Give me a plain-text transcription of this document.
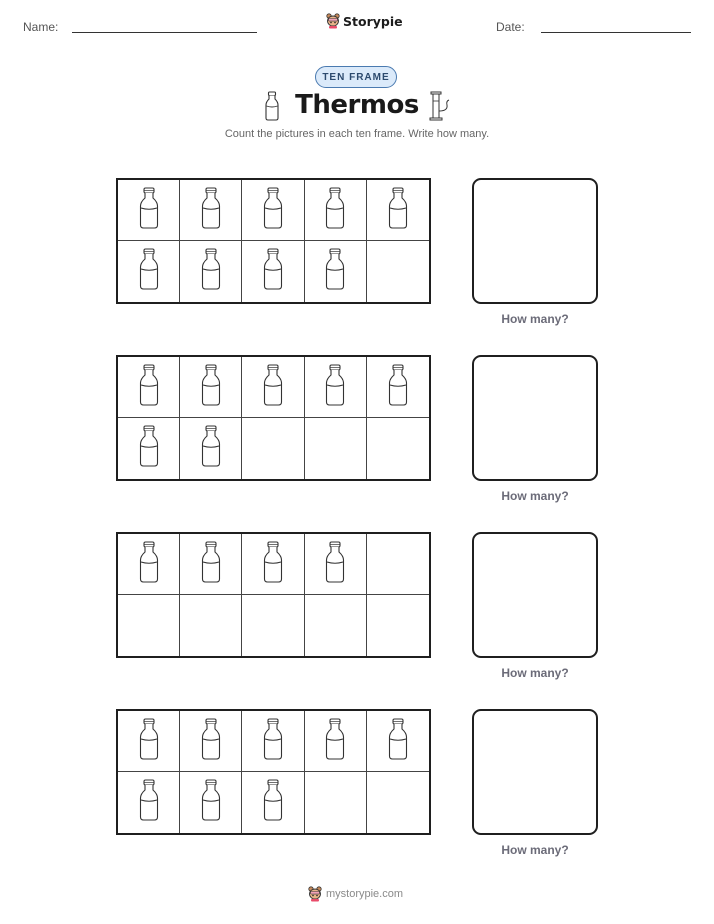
Name:	Storypie	Date:
TEN FRAME
Thermos
Count the pictures in each ten frame. Write how many.
How many?
How many?
How many?
How many?
mystorypie.com
